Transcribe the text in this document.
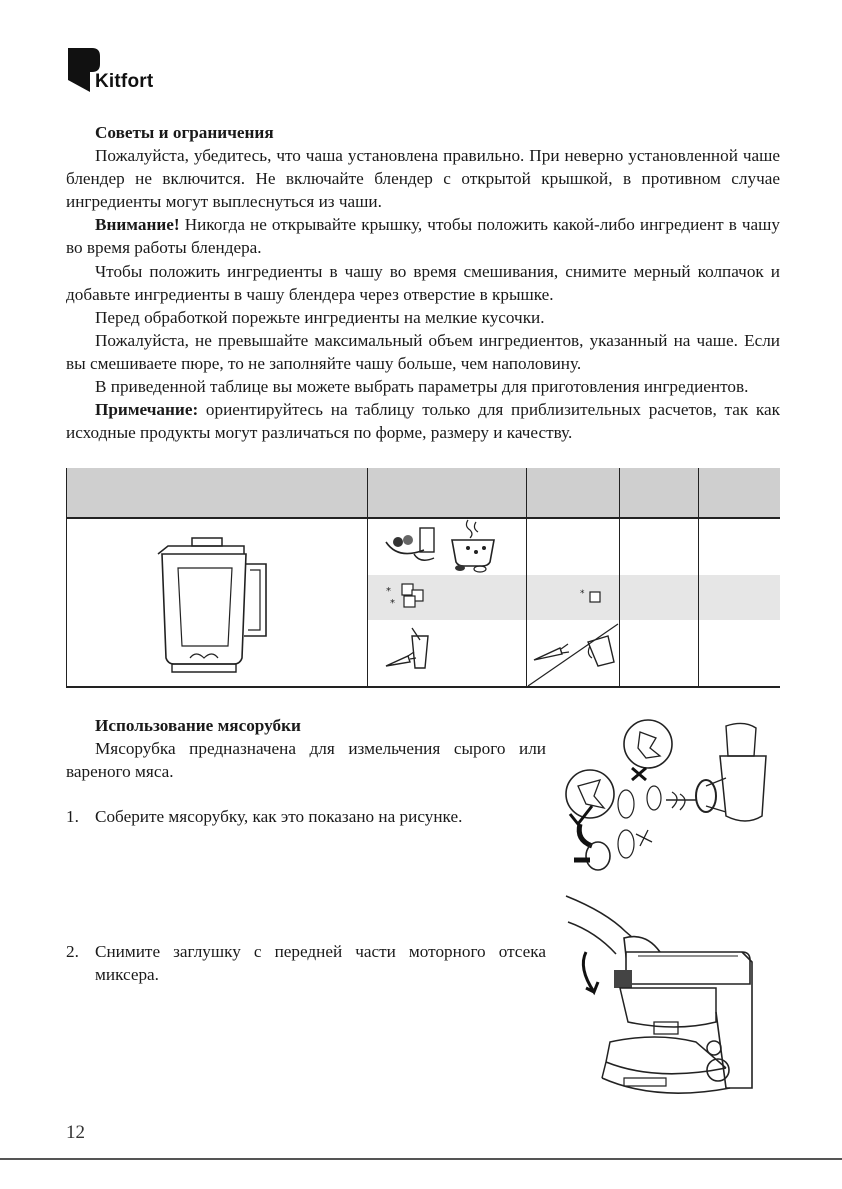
Kitfort

Советы и ограничения

Пожалуйста, убедитесь, что чаша установлена правильно. При неверно установленной чаше блендер не включится. Не включайте блендер с открытой крышкой, в противном случае ингредиенты могут выплеснуться из чаши.

Внимание! Никогда не открывайте крышку, чтобы положить какой-либо ингредиент в чашу во время работы блендера.

Чтобы положить ингредиенты в чашу во время смешивания, снимите мерный колпачок и добавьте ингредиенты в чашу блендера через отверстие в крышке.

Перед обработкой порежьте ингредиенты на мелкие кусочки.

Пожалуйста, не превышайте максимальный объем ингредиентов, указанный на чаше. Если вы смешиваете пюре, то не заполняйте чашу больше, чем наполовину.

В приведенной таблице вы можете выбрать параметры для приготовления ингредиентов.

Примечание: ориентируйтесь на таблицу только для приблизительных расчетов, так как исходные продукты могут различаться по форме, размеру и качеству.

*
*
*

Использование мясорубки

Мясорубка предназначена для измельчения сырого или вареного мяса.

1. Соберите мясорубку, как это показано на рисунке.
2. Снимите заглушку с передней части моторного отсека миксера.
12
